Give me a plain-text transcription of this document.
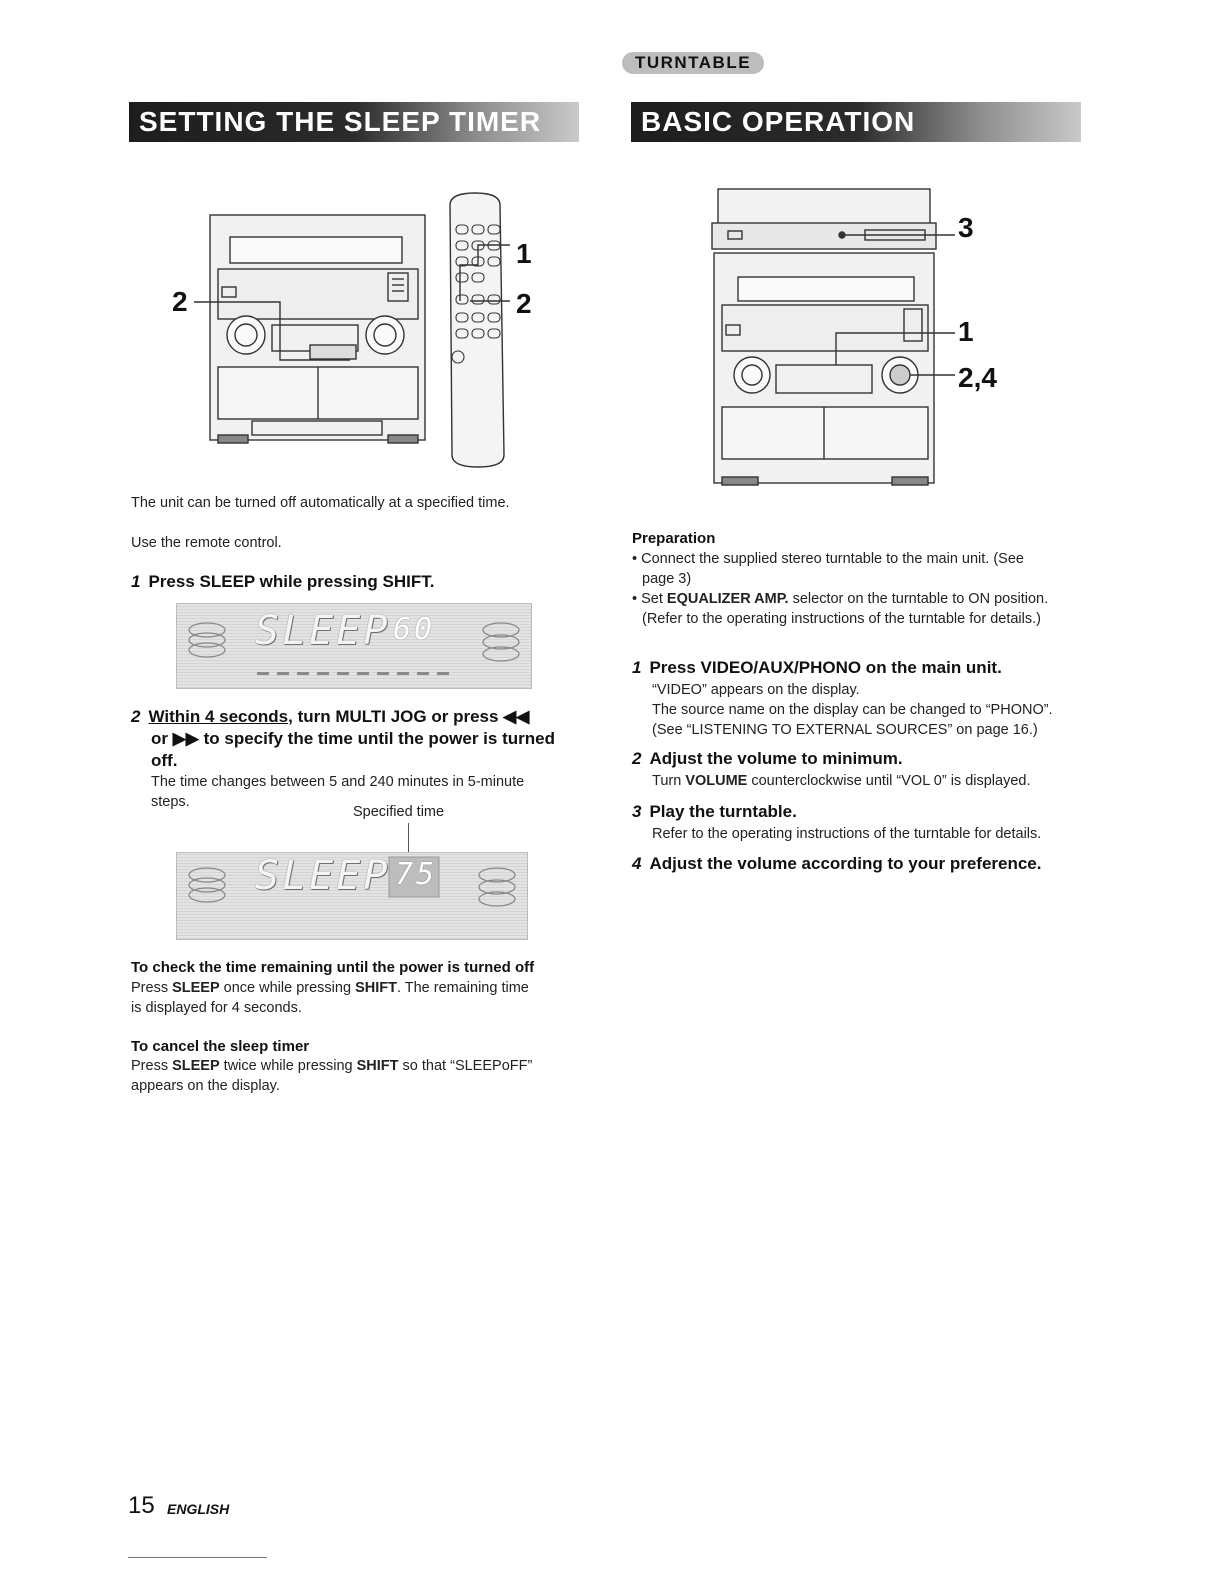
TURNTABLE
SETTING THE SLEEP TIMER	BASIC OPERATION
2
1
2
3
1
2,4
The unit can be turned off automatically at a specified time.
Use the remote control.
1 Press SLEEP while pressing SHIFT.
SLEEP 60
2 Within 4 seconds, turn MULTI JOG or press ◀◀
or ▶▶ to specify the time until the power is turned
off.
The time changes between 5 and 240 minutes in 5-minute
steps.
Specified time
SLEEP 75
To check the time remaining until the power is turned off
Press SLEEP once while pressing SHIFT. The remaining time
is displayed for 4 seconds.
To cancel the sleep timer
Press SLEEP twice while pressing SHIFT so that “SLEEPoFF”
appears on the display.
Preparation
• Connect the supplied stereo turntable to the main unit. (See
page 3)
• Set EQUALIZER AMP. selector on the turntable to ON position.
(Refer to the operating instructions of the turntable for details.)
1 Press VIDEO/AUX/PHONO on the main unit.
“VIDEO” appears on the display.
The source name on the display can be changed to “PHONO”.
(See “LISTENING TO EXTERNAL SOURCES” on page 16.)
2 Adjust the volume to minimum.
Turn VOLUME counterclockwise until “VOL 0” is displayed.
3 Play the turntable.
Refer to the operating instructions of the turntable for details.
4 Adjust the volume according to your preference.
15 ENGLISH
